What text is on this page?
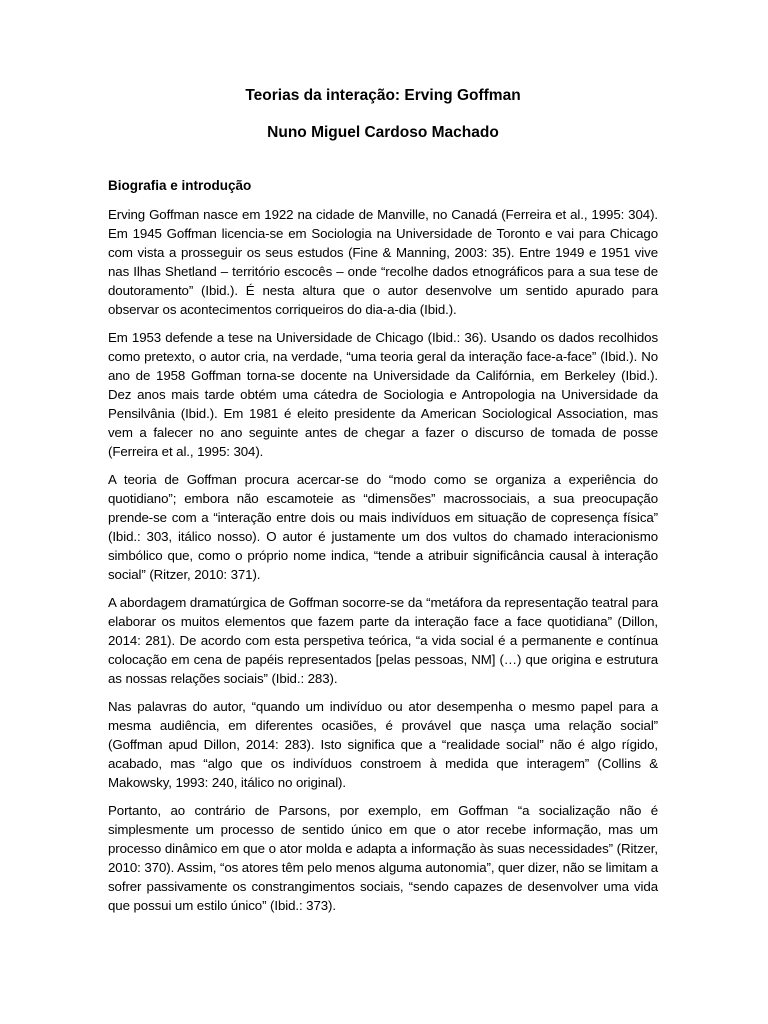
Teorias da interação: Erving Goffman
Nuno Miguel Cardoso Machado
Biografia e introdução

Erving Goffman nasce em 1922 na cidade de Manville, no Canadá (Ferreira et al., 1995: 304). Em 1945 Goffman licencia-se em Sociologia na Universidade de Toronto e vai para Chicago com vista a prosseguir os seus estudos (Fine & Manning, 2003: 35). Entre 1949 e 1951 vive nas Ilhas Shetland – território escocês – onde “recolhe dados etnográficos para a sua tese de doutoramento” (Ibid.). É nesta altura que o autor desenvolve um sentido apurado para observar os acontecimentos corriqueiros do dia-a-dia (Ibid.).

Em 1953 defende a tese na Universidade de Chicago (Ibid.: 36). Usando os dados recolhidos como pretexto, o autor cria, na verdade, “uma teoria geral da interação face-a-face” (Ibid.). No ano de 1958 Goffman torna-se docente na Universidade da Califórnia, em Berkeley (Ibid.). Dez anos mais tarde obtém uma cátedra de Sociologia e Antropologia na Universidade da Pensilvânia (Ibid.). Em 1981 é eleito presidente da American Sociological Association, mas vem a falecer no ano seguinte antes de chegar a fazer o discurso de tomada de posse (Ferreira et al., 1995: 304).

A teoria de Goffman procura acercar-se do “modo como se organiza a experiência do quotidiano”; embora não escamoteie as “dimensões” macrossociais, a sua preocupação prende-se com a “interação entre dois ou mais indivíduos em situação de copresença física” (Ibid.: 303, itálico nosso). O autor é justamente um dos vultos do chamado interacionismo simbólico que, como o próprio nome indica, “tende a atribuir significância causal à interação social” (Ritzer, 2010: 371).

A abordagem dramatúrgica de Goffman socorre-se da “metáfora da representação teatral para elaborar os muitos elementos que fazem parte da interação face a face quotidiana” (Dillon, 2014: 281). De acordo com esta perspetiva teórica, “a vida social é a permanente e contínua colocação em cena de papéis representados [pelas pessoas, NM] (…) que origina e estrutura as nossas relações sociais” (Ibid.: 283).

Nas palavras do autor, “quando um indivíduo ou ator desempenha o mesmo papel para a mesma audiência, em diferentes ocasiões, é provável que nasça uma relação social” (Goffman apud Dillon, 2014: 283). Isto significa que a “realidade social” não é algo rígido, acabado, mas “algo que os indivíduos constroem à medida que interagem” (Collins & Makowsky, 1993: 240, itálico no original).

Portanto, ao contrário de Parsons, por exemplo, em Goffman “a socialização não é simplesmente um processo de sentido único em que o ator recebe informação, mas um processo dinâmico em que o ator molda e adapta a informação às suas necessidades” (Ritzer, 2010: 370). Assim, “os atores têm pelo menos alguma autonomia”, quer dizer, não se limitam a sofrer passivamente os constrangimentos sociais, “sendo capazes de desenvolver uma vida que possui um estilo único” (Ibid.: 373).
